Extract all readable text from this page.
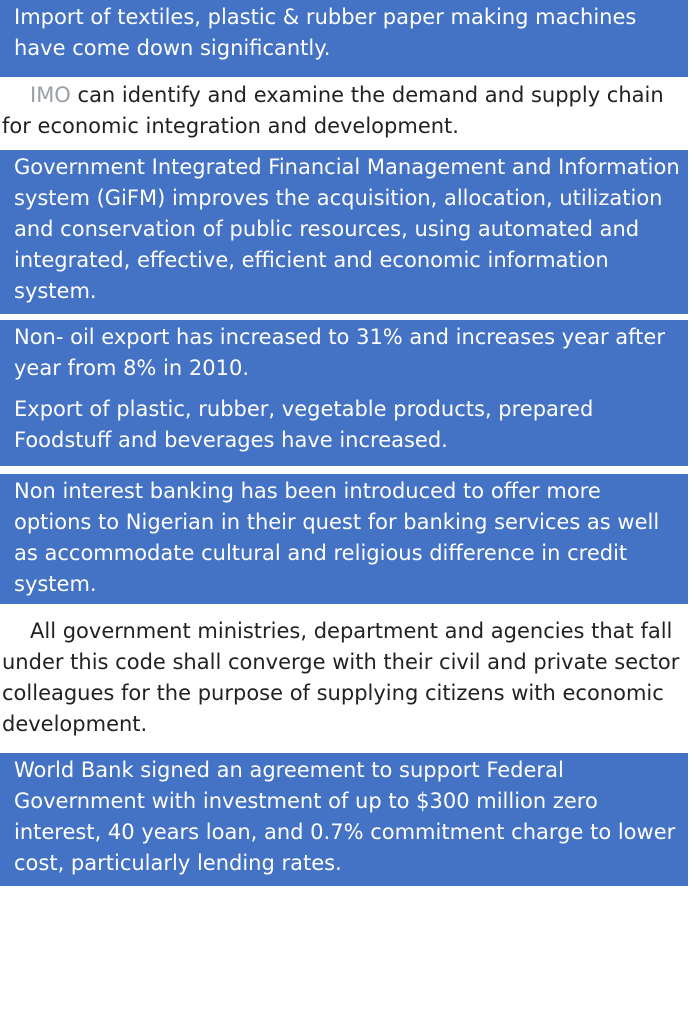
Import of textiles, plastic & rubber paper making machines have come down significantly.

IMO can identify and examine the demand and supply chain for economic integration and development.

Government Integrated Financial Management and Information system (GiFM) improves the acquisition, allocation, utilization and conservation of public resources, using automated and integrated, effective, efficient and economic information system.

Non- oil export has increased to 31% and increases year after year from 8% in 2010.

Export of plastic, rubber, vegetable products, prepared Foodstuff and beverages have increased.

Non interest banking has been introduced to offer more options to Nigerian in their quest for banking services as well as accommodate cultural and religious difference in credit system.

All government ministries, department and agencies that fall under this code shall converge with their civil and private sector colleagues for the purpose of supplying citizens with economic development.

World Bank signed an agreement to support Federal Government with investment of up to $300 million zero interest, 40 years loan, and 0.7% commitment charge to lower cost, particularly lending rates.
